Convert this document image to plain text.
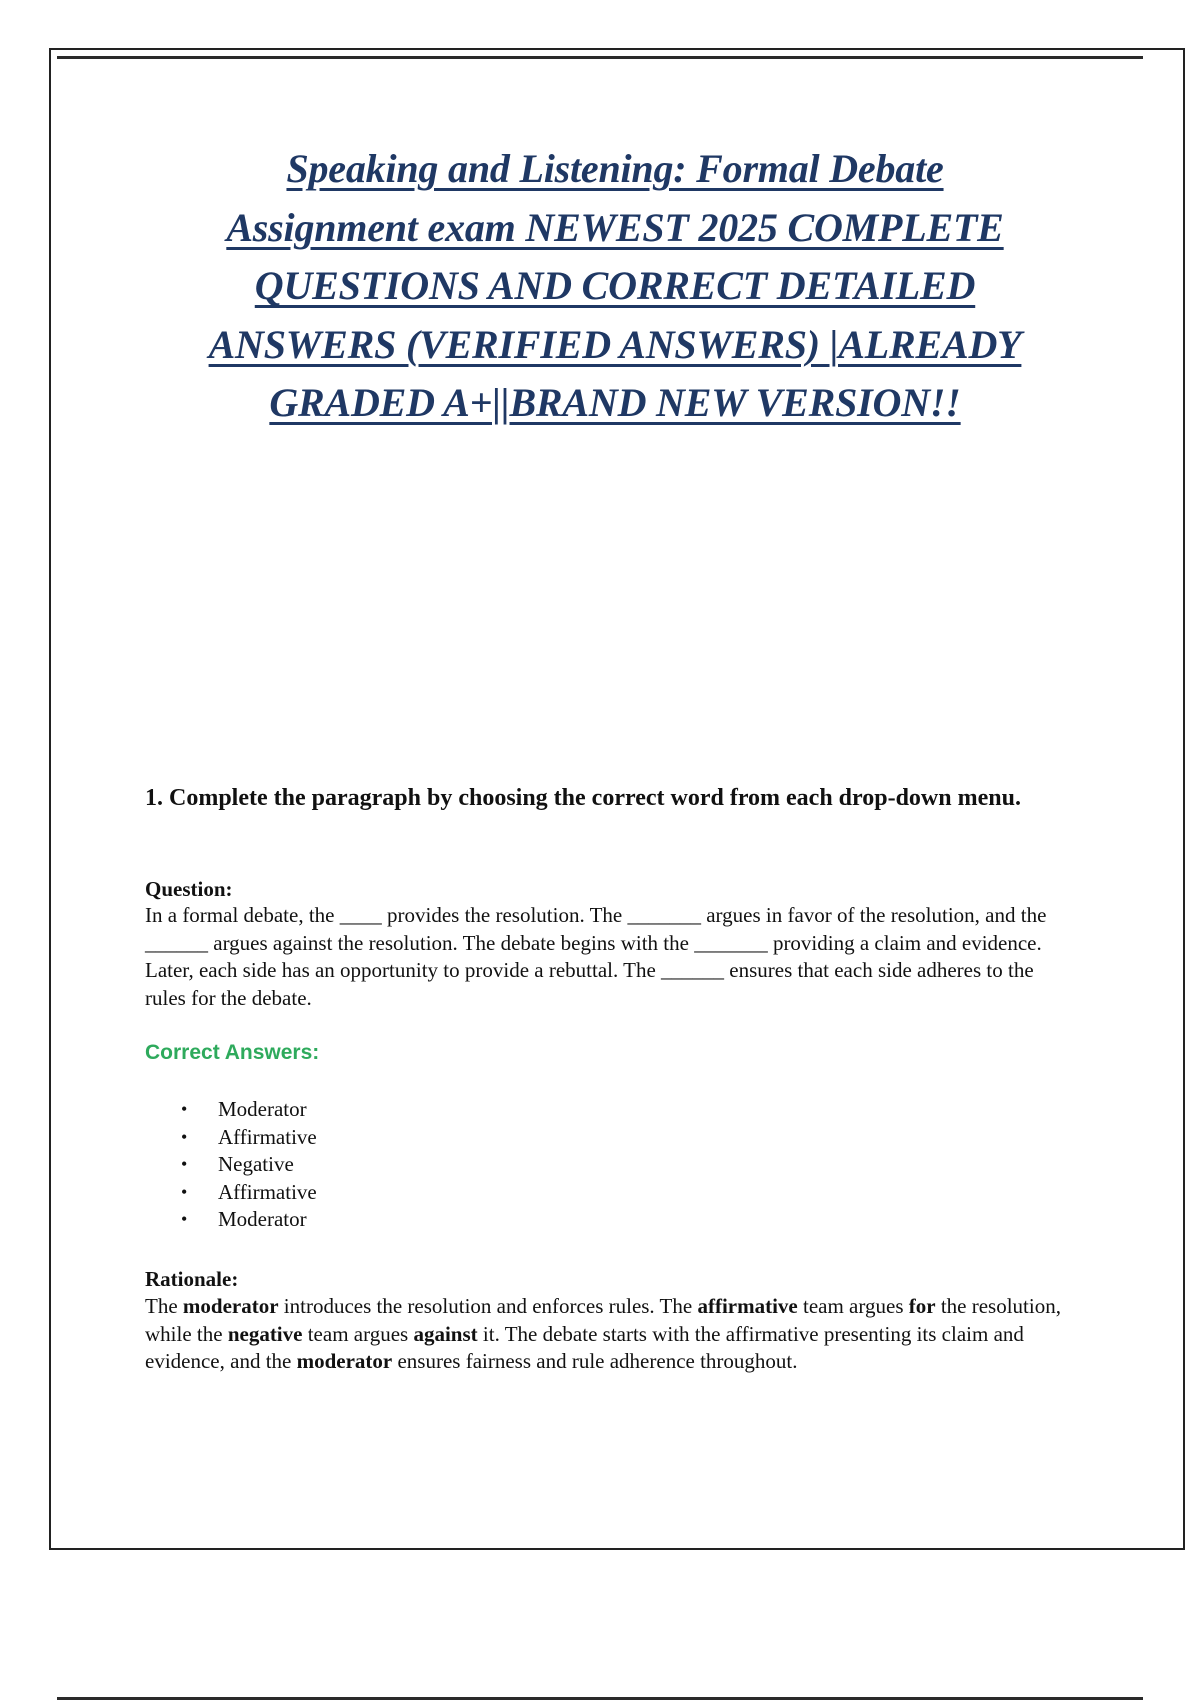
Speaking and Listening: Formal Debate
Assignment exam NEWEST 2025 COMPLETE
QUESTIONS AND CORRECT DETAILED
ANSWERS (VERIFIED ANSWERS) |ALREADY
GRADED A+||BRAND NEW VERSION!!
1. Complete the paragraph by choosing the correct word from each drop-down menu.
Question:
In a formal debate, the ____ provides the resolution. The _______ argues in favor of the resolution, and the ______ argues against the resolution. The debate begins with the _______ providing a claim and evidence. Later, each side has an opportunity to provide a rebuttal. The ______ ensures that each side adheres to the rules for the debate.
Correct Answers:
• Moderator
• Affirmative
• Negative
• Affirmative
• Moderator
Rationale:
The moderator introduces the resolution and enforces rules. The affirmative team argues for the resolution, while the negative team argues against it. The debate starts with the affirmative presenting its claim and evidence, and the moderator ensures fairness and rule adherence throughout.
